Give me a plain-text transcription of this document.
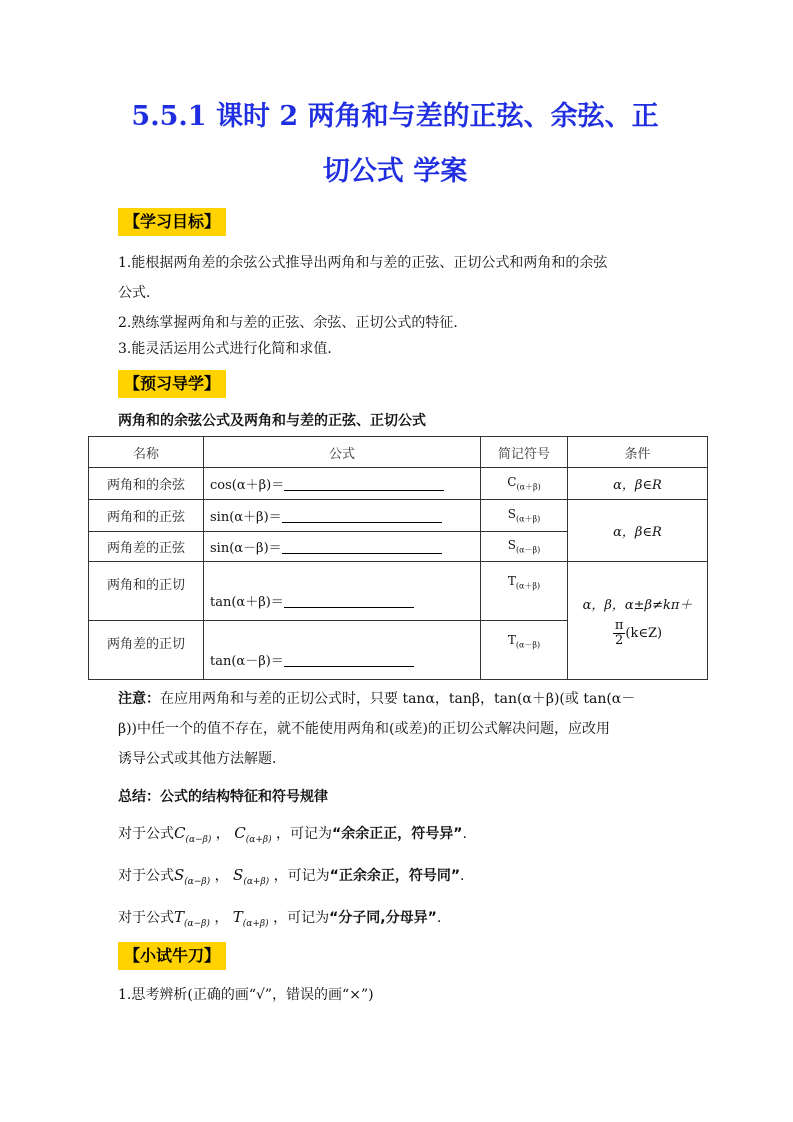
5.5.1 课时 2 两角和与差的正弦、余弦、正
切公式 学案
【学习目标】
1.能根据两角差的余弦公式推导出两角和与差的正弦、正切公式和两角和的余弦
公式．
2.熟练掌握两角和与差的正弦、余弦、正切公式的特征．
3.能灵活运用公式进行化简和求值．
【预习导学】
两角和的余弦公式及两角和与差的正弦、正切公式
名称	公式	简记符号	条件
两角和的余弦	cos(α＋β)＝	$C_{(\alpha+\beta)}$	α，β∈R
两角和的正弦	sin(α＋β)＝	$S_{(\alpha+\beta)}$	α，β∈R
两角差的正弦	sin(α－β)＝	$S_{(\alpha-\beta)}$
两角和的正切	tan(α＋β)＝	$T_{(\alpha+\beta)}$	α，β，α±β≠kπ＋
$\frac{\pi}{2}$ (k∈Z)

两角差的正切	tan(α－β)＝	$T_{(\alpha-\beta)}$
注意：在应用两角和与差的正切公式时，只要 tanα，tanβ，tan(α＋β)(或 tan(α－
β))中任一个的值不存在，就不能使用两角和(或差)的正切公式解决问题，应改用
诱导公式或其他方法解题．
总结：公式的结构特征和符号规律
对于公式$C_{(\alpha-\beta)}$ ， $C_{(\alpha+\beta)}$ ，可记为“余余正正，符号异”.
对于公式$S_{(\alpha-\beta)}$ ， $S_{(\alpha+\beta)}$ ，可记为“正余余正，符号同”.
对于公式$T_{(\alpha-\beta)}$ ， $T_{(\alpha+\beta)}$ ，可记为“分子同,分母异”.
【小试牛刀】
1.思考辨析(正确的画“√”，错误的画“×”)
